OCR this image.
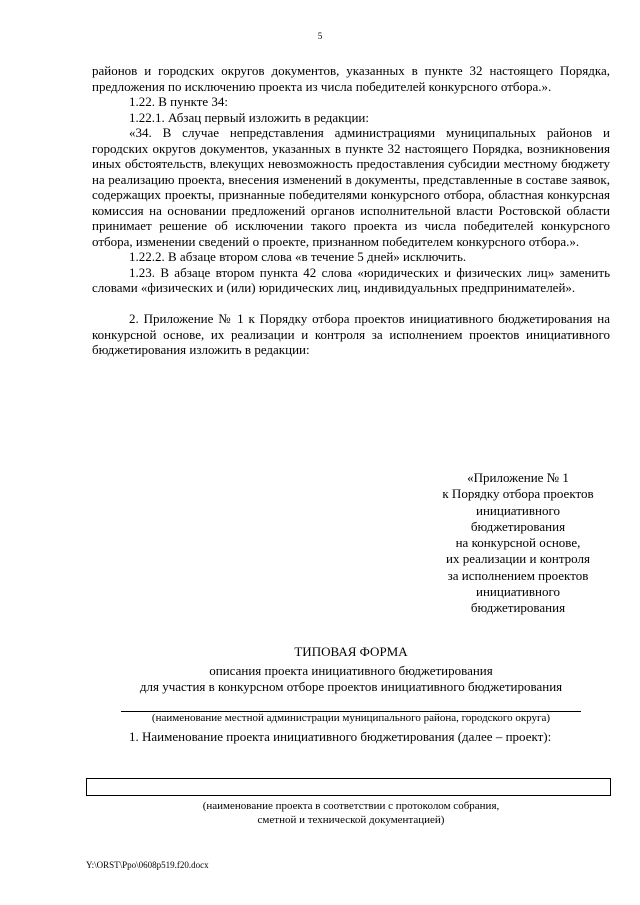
5

районов и городских округов документов, указанных в пункте 32 настоящего Порядка, предложения по исключению проекта из числа победителей конкурсного отбора.».

1.22. В пункте 34:

1.22.1. Абзац первый изложить в редакции:

«34. В случае непредставления администрациями муниципальных районов и городских округов документов, указанных в пункте 32 настоящего Порядка, возникновения иных обстоятельств, влекущих невозможность предоставления субсидии местному бюджету на реализацию проекта, внесения изменений в документы, представленные в составе заявок, содержащих проекты, признанные победителями конкурсного отбора, областная конкурсная комиссия на основании предложений органов исполнительной власти Ростовской области принимает решение об исключении такого проекта из числа победителей конкурсного отбора, изменении сведений о проекте, признанном победителем конкурсного отбора.».

1.22.2. В абзаце втором слова «в течение 5 дней» исключить.

1.23. В абзаце втором пункта 42 слова «юридических и физических лиц» заменить словами «физических и (или) юридических лиц, индивидуальных предпринимателей».

2. Приложение № 1 к Порядку отбора проектов инициативного бюджетирования на конкурсной основе, их реализации и контроля за исполнением проектов инициативного бюджетирования изложить в редакции:

«Приложение № 1
к Порядку отбора проектов
инициативного
бюджетирования
на конкурсной основе,
их реализации и контроля
за исполнением проектов
инициативного
бюджетирования
ТИПОВАЯ ФОРМА
описания проекта инициативного бюджетирования
для участия в конкурсном отборе проектов инициативного бюджетирования
(наименование местной администрации муниципального района, городского округа)
1. Наименование проекта инициативного бюджетирования (далее – проект):
(наименование проекта в соответствии с протоколом собрания,
сметной и технической документацией)
Y:\ORST\Ppo\0608p519.f20.docx
